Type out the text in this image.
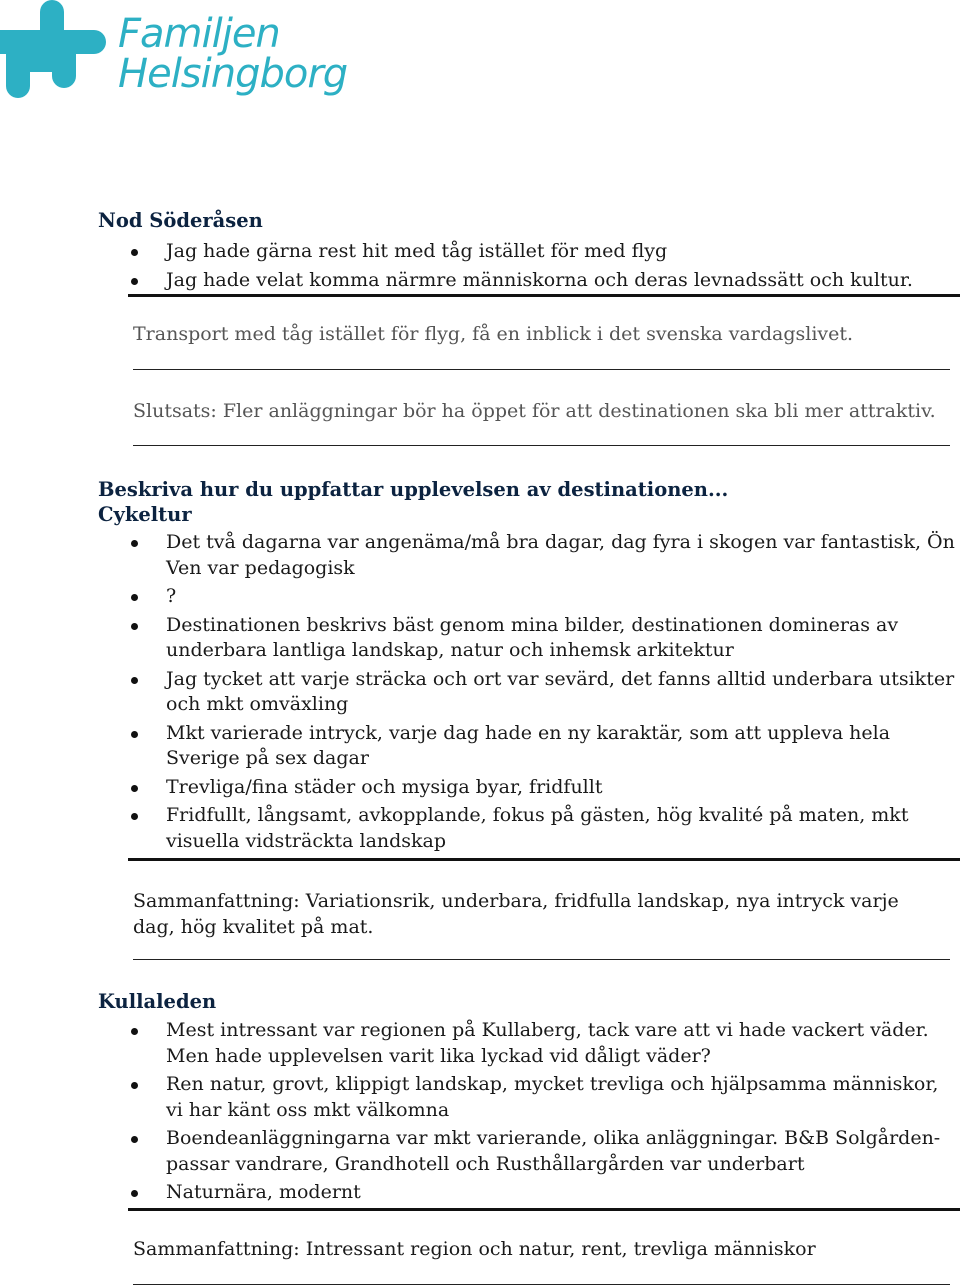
Familjen
Helsingborg
Nod Söderåsen
Jag hade gärna rest hit med tåg istället för med flyg
Jag hade velat komma närmre människorna och deras levnadssätt och kultur.
Transport med tåg istället för flyg, få en inblick i det svenska vardagslivet.
Slutsats: Fler anläggningar bör ha öppet för att destinationen ska bli mer attraktiv.
Beskriva hur du uppfattar upplevelsen av destinationen...
Cykeltur
Det två dagarna var angenäma/må bra dagar, dag fyra i skogen var fantastisk, Ön Ven var pedagogisk
?
Destinationen beskrivs bäst genom mina bilder, destinationen domineras av underbara lantliga landskap, natur och inhemsk arkitektur
Jag tycket att varje sträcka och ort var sevärd, det fanns alltid underbara utsikter och mkt omväxling
Mkt varierade intryck, varje dag hade en ny karaktär, som att uppleva hela Sverige på sex dagar
Trevliga/fina städer och mysiga byar, fridfullt
Fridfullt, långsamt, avkopplande, fokus på gästen, hög kvalité på maten, mkt visuella vidsträckta landskap
Sammanfattning: Variationsrik, underbara, fridfulla landskap, nya intryck varje dag, hög kvalitet på mat.
Kullaleden
Mest intressant var regionen på Kullaberg, tack vare att vi hade vackert väder. Men hade upplevelsen varit lika lyckad vid dåligt väder?
Ren natur, grovt, klippigt landskap, mycket trevliga och hjälpsamma människor, vi har känt oss mkt välkomna
Boendeanläggningarna var mkt varierande, olika anläggningar. B&B Solgården-passar vandrare, Grandhotell och Rusthållargården var underbart
Naturnära, modernt
Sammanfattning: Intressant region och natur, rent, trevliga människor
